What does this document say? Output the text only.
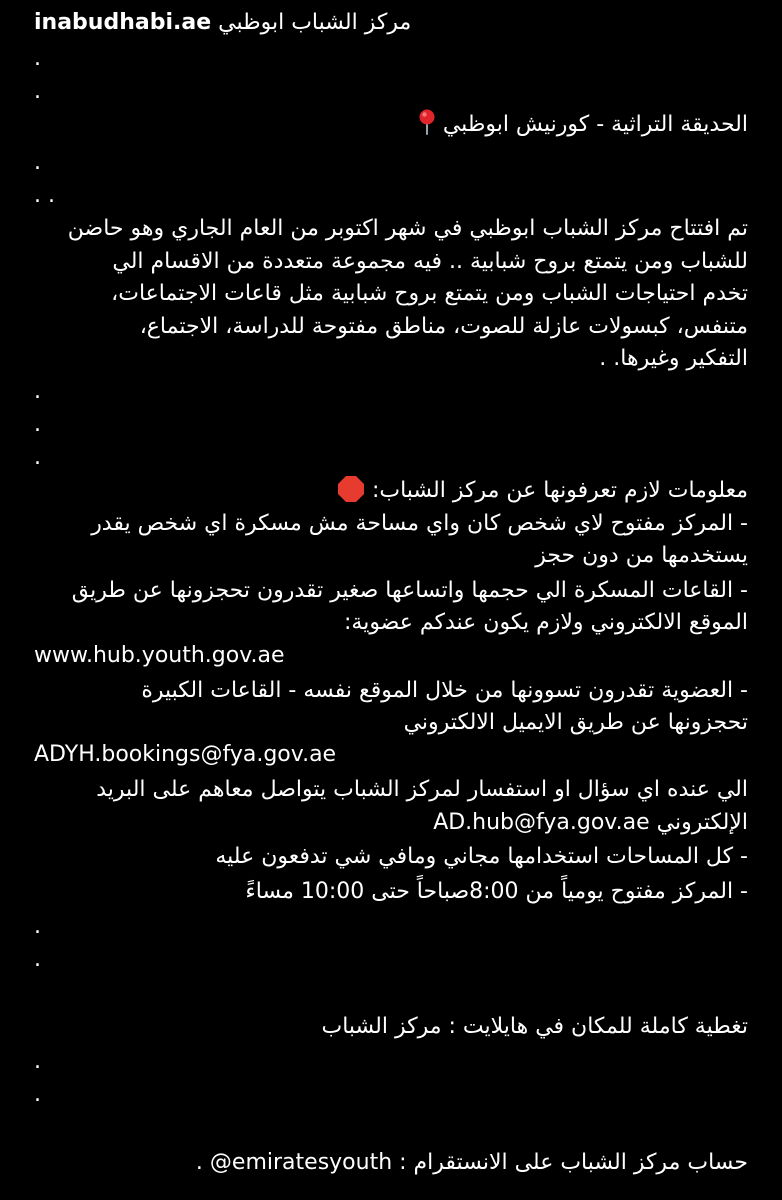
inabudhabi.ae مركز الشباب ابوظبي
.
.
الحديقة التراثية - كورنيش ابوظبي
.
. .
تم افتتاح مركز الشباب ابوظبي في شهر اكتوبر من العام الجاري وهو حاضن
للشباب ومن يتمتع بروح شبابية .. فيه مجموعة متعددة من الاقسام الي
تخدم احتياجات الشباب ومن يتمتع بروح شبابية مثل قاعات الاجتماعات،
متنفس، كبسولات عازلة للصوت، مناطق مفتوحة للدراسة، الاجتماع،
التفكير وغيرها. .
.
.
.
معلومات لازم تعرفونها عن مركز الشباب:
- المركز مفتوح لاي شخص كان واي مساحة مش مسكرة اي شخص يقدر
يستخدمها من دون حجز
- القاعات المسكرة الي حجمها واتساعها صغير تقدرون تحجزونها عن طريق
الموقع الالكتروني ولازم يكون عندكم عضوية:
www.hub.youth.gov.ae
- العضوية تقدرون تسوونها من خلال الموقع نفسه - القاعات الكبيرة
تحجزونها عن طريق الايميل الالكتروني
ADYH.bookings@fya.gov.ae
الي عنده اي سؤال او استفسار لمركز الشباب يتواصل معاهم على البريد
الإلكتروني AD.hub@fya.gov.ae
- كل المساحات استخدامها مجاني ومافي شي تدفعون عليه
- المركز مفتوح يومياً من 8:00صباحاً حتى 10:00 مساءً
.
.
تغطية كاملة للمكان في هايلايت : مركز الشباب
.
.
حساب مركز الشباب على الانستقرام : emiratesyouth@ .
